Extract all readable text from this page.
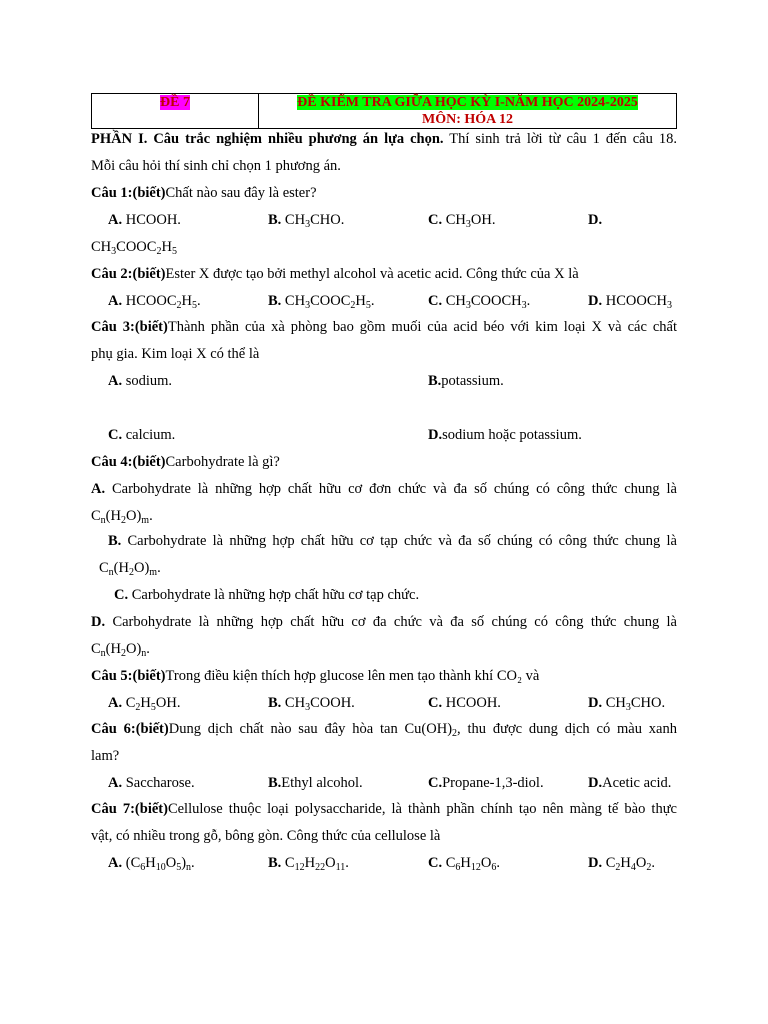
ĐỀ 7	ĐỀ KIỂM TRA GIỮA HỌC KỲ I-NĂM HỌC 2024-2025
MÔN: HÓA 12
PHẦN I. Câu trắc nghiệm nhiều phương án lựa chọn. Thí sinh trả lời từ câu 1 đến câu 18.
Mỗi câu hỏi thí sinh chỉ chọn 1 phương án.
Câu 1:(biết)Chất nào sau đây là ester?
A. HCOOH.	B. $CH_3CHO$.	C. $CH_3OH$.	D.
$CH_3COOC_2H_5$
Câu 2:(biết)Ester X được tạo bởi methyl alcohol và acetic acid. Công thức của X là
A. $HCOOC_2H_5$.	B. $CH_3COOC_2H_5$.	C. $CH_3COOCH_3$.	D. $HCOOCH_3$
Câu 3:(biết)Thành phần của xà phòng bao gồm muối của acid béo với kim loại X và các chất
phụ gia. Kim loại X có thể là
A. sodium.	B.potassium.
C. calcium.	D.sodium hoặc potassium.
Câu 4:(biết)Carbohydrate là gì?
A. Carbohydrate là những hợp chất hữu cơ đơn chức và đa số chúng có công thức chung là
$C_n(H_2O)_m$.
B. Carbohydrate là những hợp chất hữu cơ tạp chức và đa số chúng có công thức chung là
$C_n(H_2O)_m$.
C. Carbohydrate là những hợp chất hữu cơ tạp chức.
D. Carbohydrate là những hợp chất hữu cơ đa chức và đa số chúng có công thức chung là
$C_n(H_2O)_n$.
Câu 5:(biết)Trong điều kiện thích hợp glucose lên men tạo thành khí CO₂ và
A. $C_2H_5OH$.	B. $CH_3COOH$.	C. HCOOH.	D. $CH_3CHO$.
Câu 6:(biết)Dung dịch chất nào sau đây hòa $\tan Cu(OH)_2$, thu được dung dịch có màu xanh
lam?
A. Saccharose.	B.Ethyl alcohol.	C.Propane-1,3-diol.	D.Acetic acid.
Câu 7:(biết)Cellulose thuộc loại polysaccharide, là thành phần chính tạo nên màng tế bào thực
vật, có nhiều trong gỗ, bông gòn. Công thức của cellulose là
A. $(C_6H_{10}O_5)_n$.	B. $C_{12}H_{22}O_{11}$.	C. $C_6H_{12}O_6$.	D. $C_2H_4O_2$.
